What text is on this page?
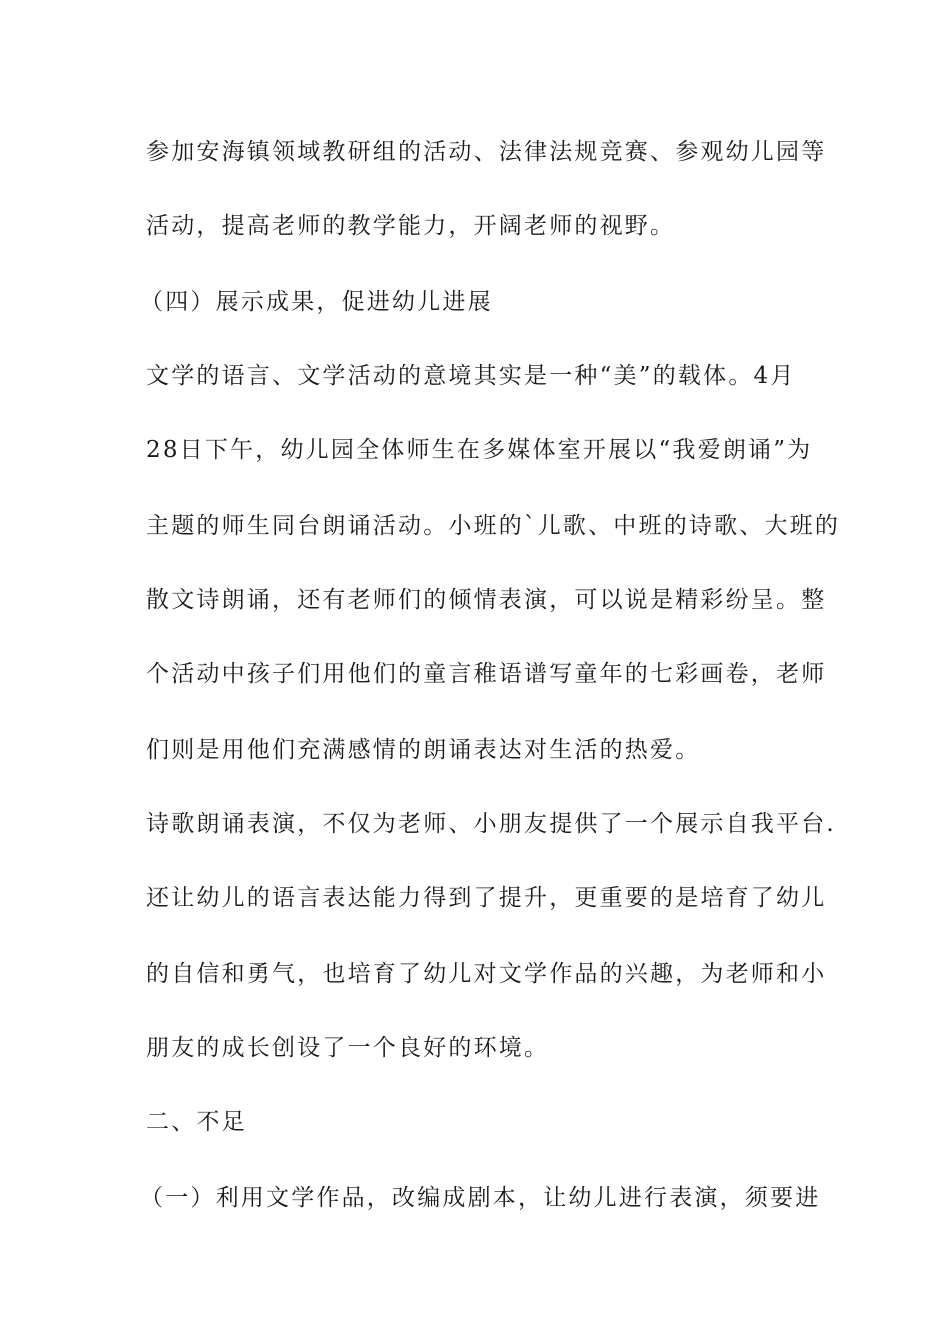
参加安海镇领域教研组的活动、法律法规竞赛、参观幼儿园等
活动，提高老师的教学能力，开阔老师的视野。
（四）展示成果，促进幼儿进展
文学的语言、文学活动的意境其实是一种“美”的载体。4月
28日下午，幼儿园全体师生在多媒体室开展以“我爱朗诵”为
主题的师生同台朗诵活动。小班的`儿歌、中班的诗歌、大班的
散文诗朗诵，还有老师们的倾情表演，可以说是精彩纷呈。整
个活动中孩子们用他们的童言稚语谱写童年的七彩画卷，老师
们则是用他们充满感情的朗诵表达对生活的热爱。
诗歌朗诵表演，不仅为老师、小朋友提供了一个展示自我平台.
还让幼儿的语言表达能力得到了提升，更重要的是培育了幼儿
的自信和勇气，也培育了幼儿对文学作品的兴趣，为老师和小
朋友的成长创设了一个良好的环境。
二、不足
（一）利用文学作品，改编成剧本，让幼儿进行表演，须要进
